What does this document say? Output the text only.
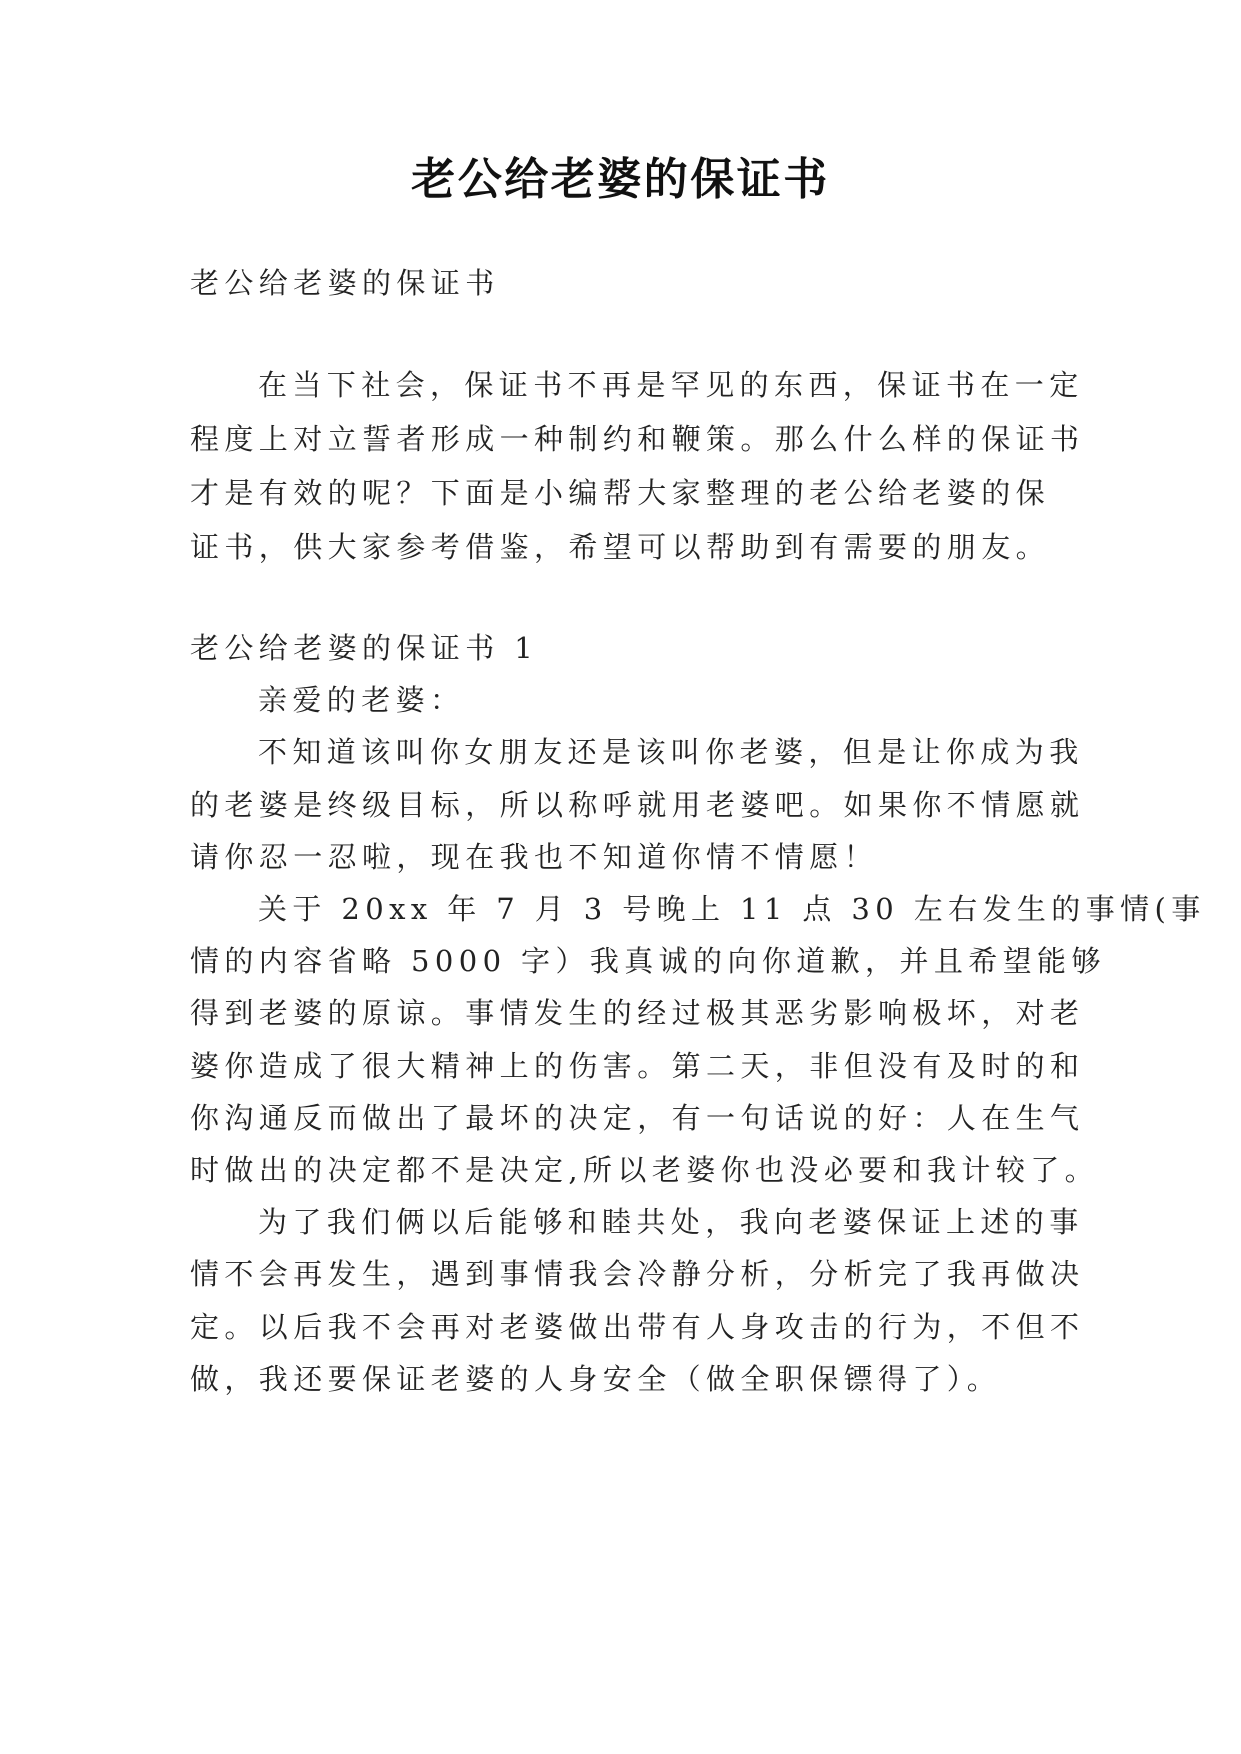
老公给老婆的保证书
老公给老婆的保证书
在当下社会，保证书不再是罕见的东西，保证书在一定
程度上对立誓者形成一种制约和鞭策。那么什么样的保证书
才是有效的呢？下面是小编帮大家整理的老公给老婆的保
证书，供大家参考借鉴，希望可以帮助到有需要的朋友。
老公给老婆的保证书 1
亲爱的老婆：
不知道该叫你女朋友还是该叫你老婆，但是让你成为我
的老婆是终级目标，所以称呼就用老婆吧。如果你不情愿就
请你忍一忍啦，现在我也不知道你情不情愿！
关于 20xx 年 7 月 3 号晚上 11 点 30 左右发生的事情(事
情的内容省略 5000 字）我真诚的向你道歉，并且希望能够
得到老婆的原谅。事情发生的经过极其恶劣影响极坏，对老
婆你造成了很大精神上的伤害。第二天，非但没有及时的和
你沟通反而做出了最坏的决定，有一句话说的好：人在生气
时做出的决定都不是决定,所以老婆你也没必要和我计较了。
为了我们俩以后能够和睦共处，我向老婆保证上述的事
情不会再发生，遇到事情我会冷静分析，分析完了我再做决
定。以后我不会再对老婆做出带有人身攻击的行为，不但不
做，我还要保证老婆的人身安全（做全职保镖得了）。
